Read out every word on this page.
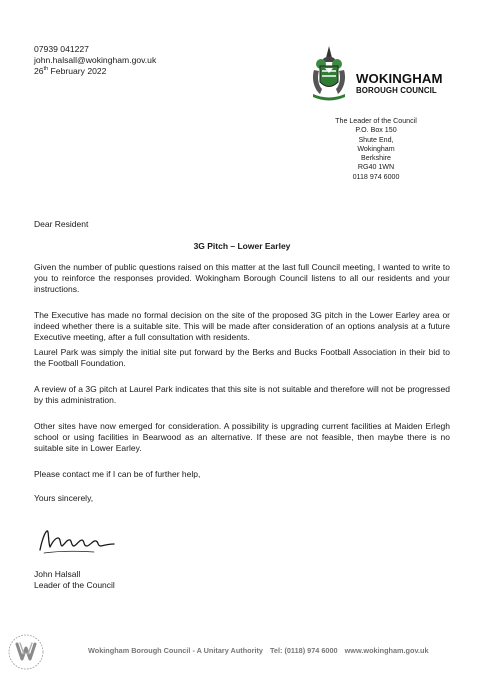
07939 041227
john.halsall@wokingham.gov.uk
26th February 2022	WOKINGHAM
BOROUGH COUNCIL
The Leader of the Council
P.O. Box 150
Shute End,
Wokingham
Berkshire
RG40 1WN
0118 974 6000
Dear Resident
3G Pitch – Lower Earley

Given the number of public questions raised on this matter at the last full Council meeting, I wanted to write to you to reinforce the responses provided. Wokingham Borough Council listens to all our residents and your instructions.

The Executive has made no formal decision on the site of the proposed 3G pitch in the Lower Earley area or indeed whether there is a suitable site. This will be made after consideration of an options analysis at a future Executive meeting, after a full consultation with residents.

Laurel Park was simply the initial site put forward by the Berks and Bucks Football Association in their bid to the Football Foundation.

A review of a 3G pitch at Laurel Park indicates that this site is not suitable and therefore will not be progressed by this administration.

Other sites have now emerged for consideration. A possibility is upgrading current facilities at Maiden Erlegh school or using facilities in Bearwood as an alternative. If these are not feasible, then maybe there is no suitable site in Lower Earley.

Please contact me if I can be of further help,

Yours sincerely,

John Halsall
Leader of the Council
Wokingham Borough Council - A Unitary Authority Tel: (0118) 974 6000 www.wokingham.gov.uk
